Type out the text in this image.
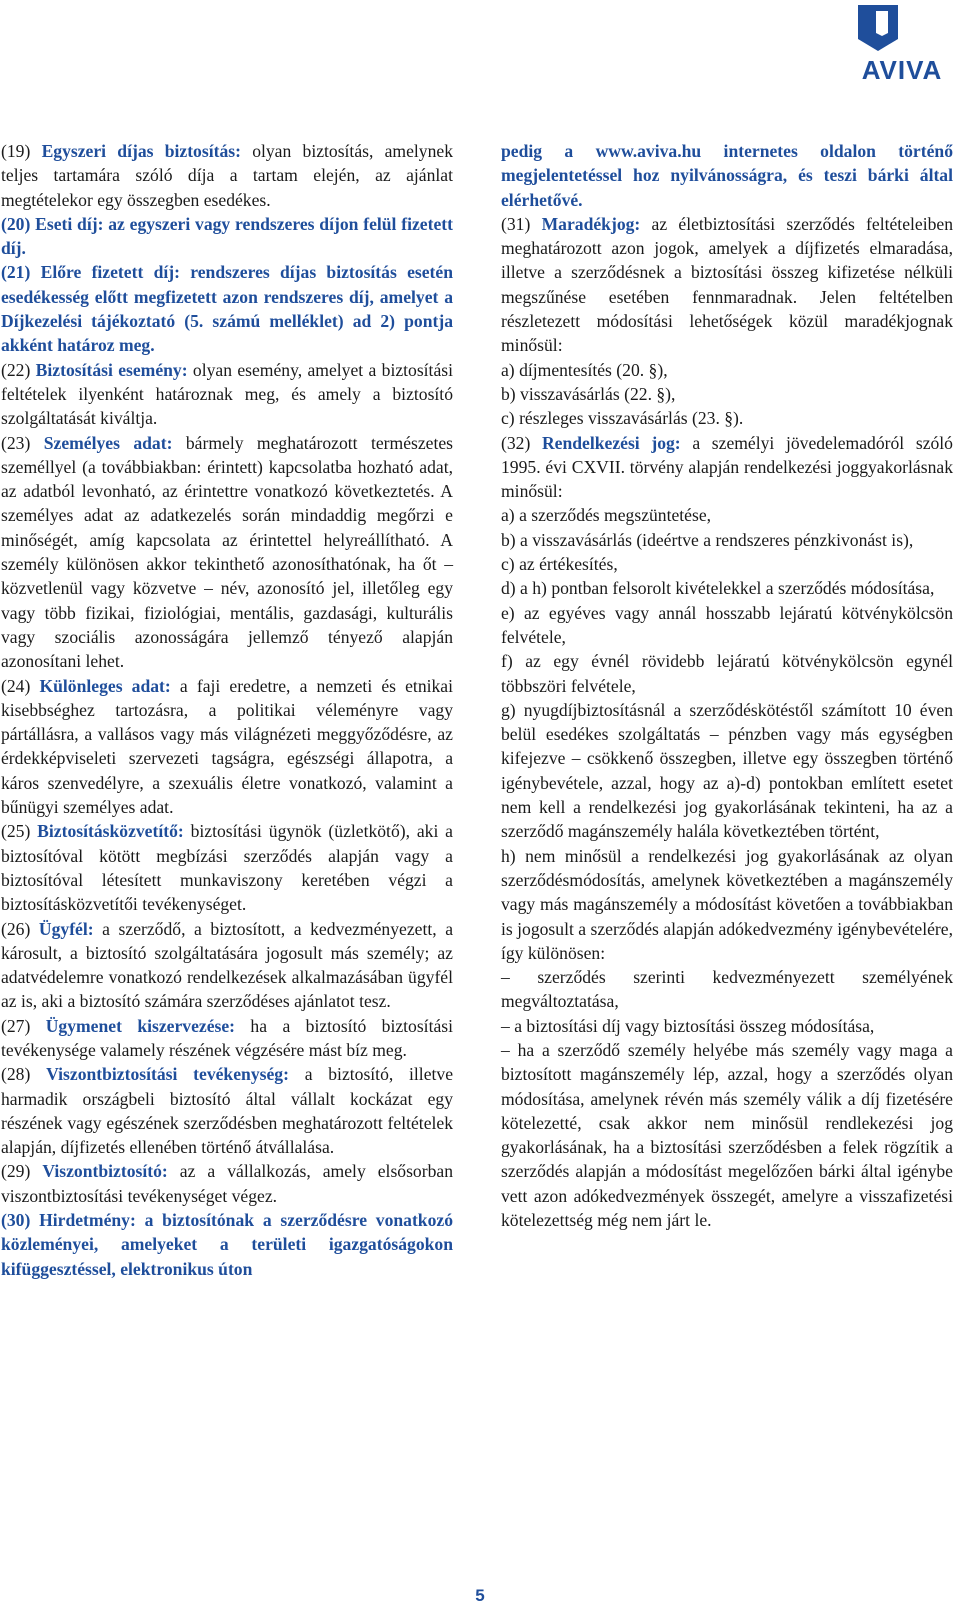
AVIVA

(19) Egyszeri díjas biztosítás: olyan biztosítás, amelynek teljes tartamára szóló díja a tartam elején, az ajánlat megtételekor egy összegben esedékes.

(20) Eseti díj: az egyszeri vagy rendszeres díjon felül fizetett díj.

(21) Előre fizetett díj: rendszeres díjas biztosítás esetén esedékesség előtt megfizetett azon rendszeres díj, amelyet a Díjkezelési tájékoztató (5. számú melléklet) ad 2) pontja akként határoz meg.

(22) Biztosítási esemény: olyan esemény, amelyet a biztosítási feltételek ilyenként határoznak meg, és amely a biztosító szolgáltatását kiváltja.

(23) Személyes adat: bármely meghatározott természetes személlyel (a továbbiakban: érintett) kapcsolatba hozható adat, az adatból levonható, az érintettre vonatkozó következtetés. A személyes adat az adatkezelés során mindaddig megőrzi e minőségét, amíg kapcsolata az érintettel helyreállítható. A személy különösen akkor tekinthető azonosíthatónak, ha őt – közvetlenül vagy közvetve – név, azonosító jel, illetőleg egy vagy több fizikai, fiziológiai, mentális, gazdasági, kulturális vagy szociális azonosságára jellemző tényező alapján azonosítani lehet.

(24) Különleges adat: a faji eredetre, a nemzeti és etnikai kisebbséghez tartozásra, a politikai véleményre vagy pártállásra, a vallásos vagy más világnézeti meggyőződésre, az érdekképviseleti szervezeti tagságra, egészségi állapotra, a káros szenvedélyre, a szexuális életre vonatkozó, valamint a bűnügyi személyes adat.

(25) Biztosításközvetítő: biztosítási ügynök (üzletkötő), aki a biztosítóval kötött megbízási szerződés alapján vagy a biztosítóval létesített munkaviszony keretében végzi a biztosításközvetítői tevékenységet.

(26) Ügyfél: a szerződő, a biztosított, a kedvezményezett, a károsult, a biztosító szolgáltatására jogosult más személy; az adatvédelemre vonatkozó rendelkezések alkalmazásában ügyfél az is, aki a biztosító számára szerződéses ajánlatot tesz.

(27) Ügymenet kiszervezése: ha a biztosító biztosítási tevékenysége valamely részének végzésére mást bíz meg.

(28) Viszontbiztosítási tevékenység: a biztosító, illetve harmadik országbeli biztosító által vállalt kockázat egy részének vagy egészének szerződésben meghatározott feltételek alapján, díjfizetés ellenében történő átvállalása.

(29) Viszontbiztosító: az a vállalkozás, amely elsősorban viszontbiztosítási tevékenységet végez.

(30) Hirdetmény: a biztosítónak a szerződésre vonatkozó közleményei, amelyeket a területi igazgatóságokon kifüggesztéssel, elektronikus úton

pedig a www.aviva.hu internetes oldalon történő megjelentetéssel hoz nyilvánosságra, és teszi bárki által elérhetővé.

(31) Maradékjog: az életbiztosítási szerződés feltételeiben meghatározott azon jogok, amelyek a díjfizetés elmaradása, illetve a szerződésnek a biztosítási összeg kifizetése nélküli megszűnése esetében fennmaradnak. Jelen feltételben részletezett módosítási lehetőségek közül maradékjognak minősül:

a) díjmentesítés (20. §),

b) visszavásárlás (22. §),

c) részleges visszavásárlás (23. §).

(32) Rendelkezési jog: a személyi jövedelemadóról szóló 1995. évi CXVII. törvény alapján rendelkezési joggyakorlásnak minősül:

a) a szerződés megszüntetése,

b) a visszavásárlás (ideértve a rendszeres pénzkivonást is),

c) az értékesítés,

d) a h) pontban felsorolt kivételekkel a szerződés módosítása,

e) az egyéves vagy annál hosszabb lejáratú kötvénykölcsön felvétele,

f) az egy évnél rövidebb lejáratú kötvénykölcsön egynél többszöri felvétele,

g) nyugdíjbiztosításnál a szerződéskötéstől számított 10 éven belül esedékes szolgáltatás – pénzben vagy más egységben kifejezve – csökkenő összegben, illetve egy összegben történő igénybevétele, azzal, hogy az a)-d) pontokban említett esetet nem kell a rendelkezési jog gyakorlásának tekinteni, ha az a szerződő magánszemély halála következtében történt,

h) nem minősül a rendelkezési jog gyakorlásának az olyan szerződésmódosítás, amelynek következtében a magánszemély vagy más magánszemély a módosítást követően a továbbiakban is jogosult a szerződés alapján adókedvezmény igénybevételére, így különösen:

– szerződés szerinti kedvezményezett személyének megváltoztatása,

– a biztosítási díj vagy biztosítási összeg módosítása,

– ha a szerződő személy helyébe más személy vagy maga a biztosított magánszemély lép, azzal, hogy a szerződés olyan módosítása, amelynek révén más személy válik a díj fizetésére kötelezetté, csak akkor nem minősül rendlekezési jog gyakorlásának, ha a biztosítási szerződésben a felek rögzítik a szerződés alapján a módosítást megelőzően bárki által igénybe vett azon adókedvezmények összegét, amelyre a visszafizetési kötelezettség még nem járt le.

5
